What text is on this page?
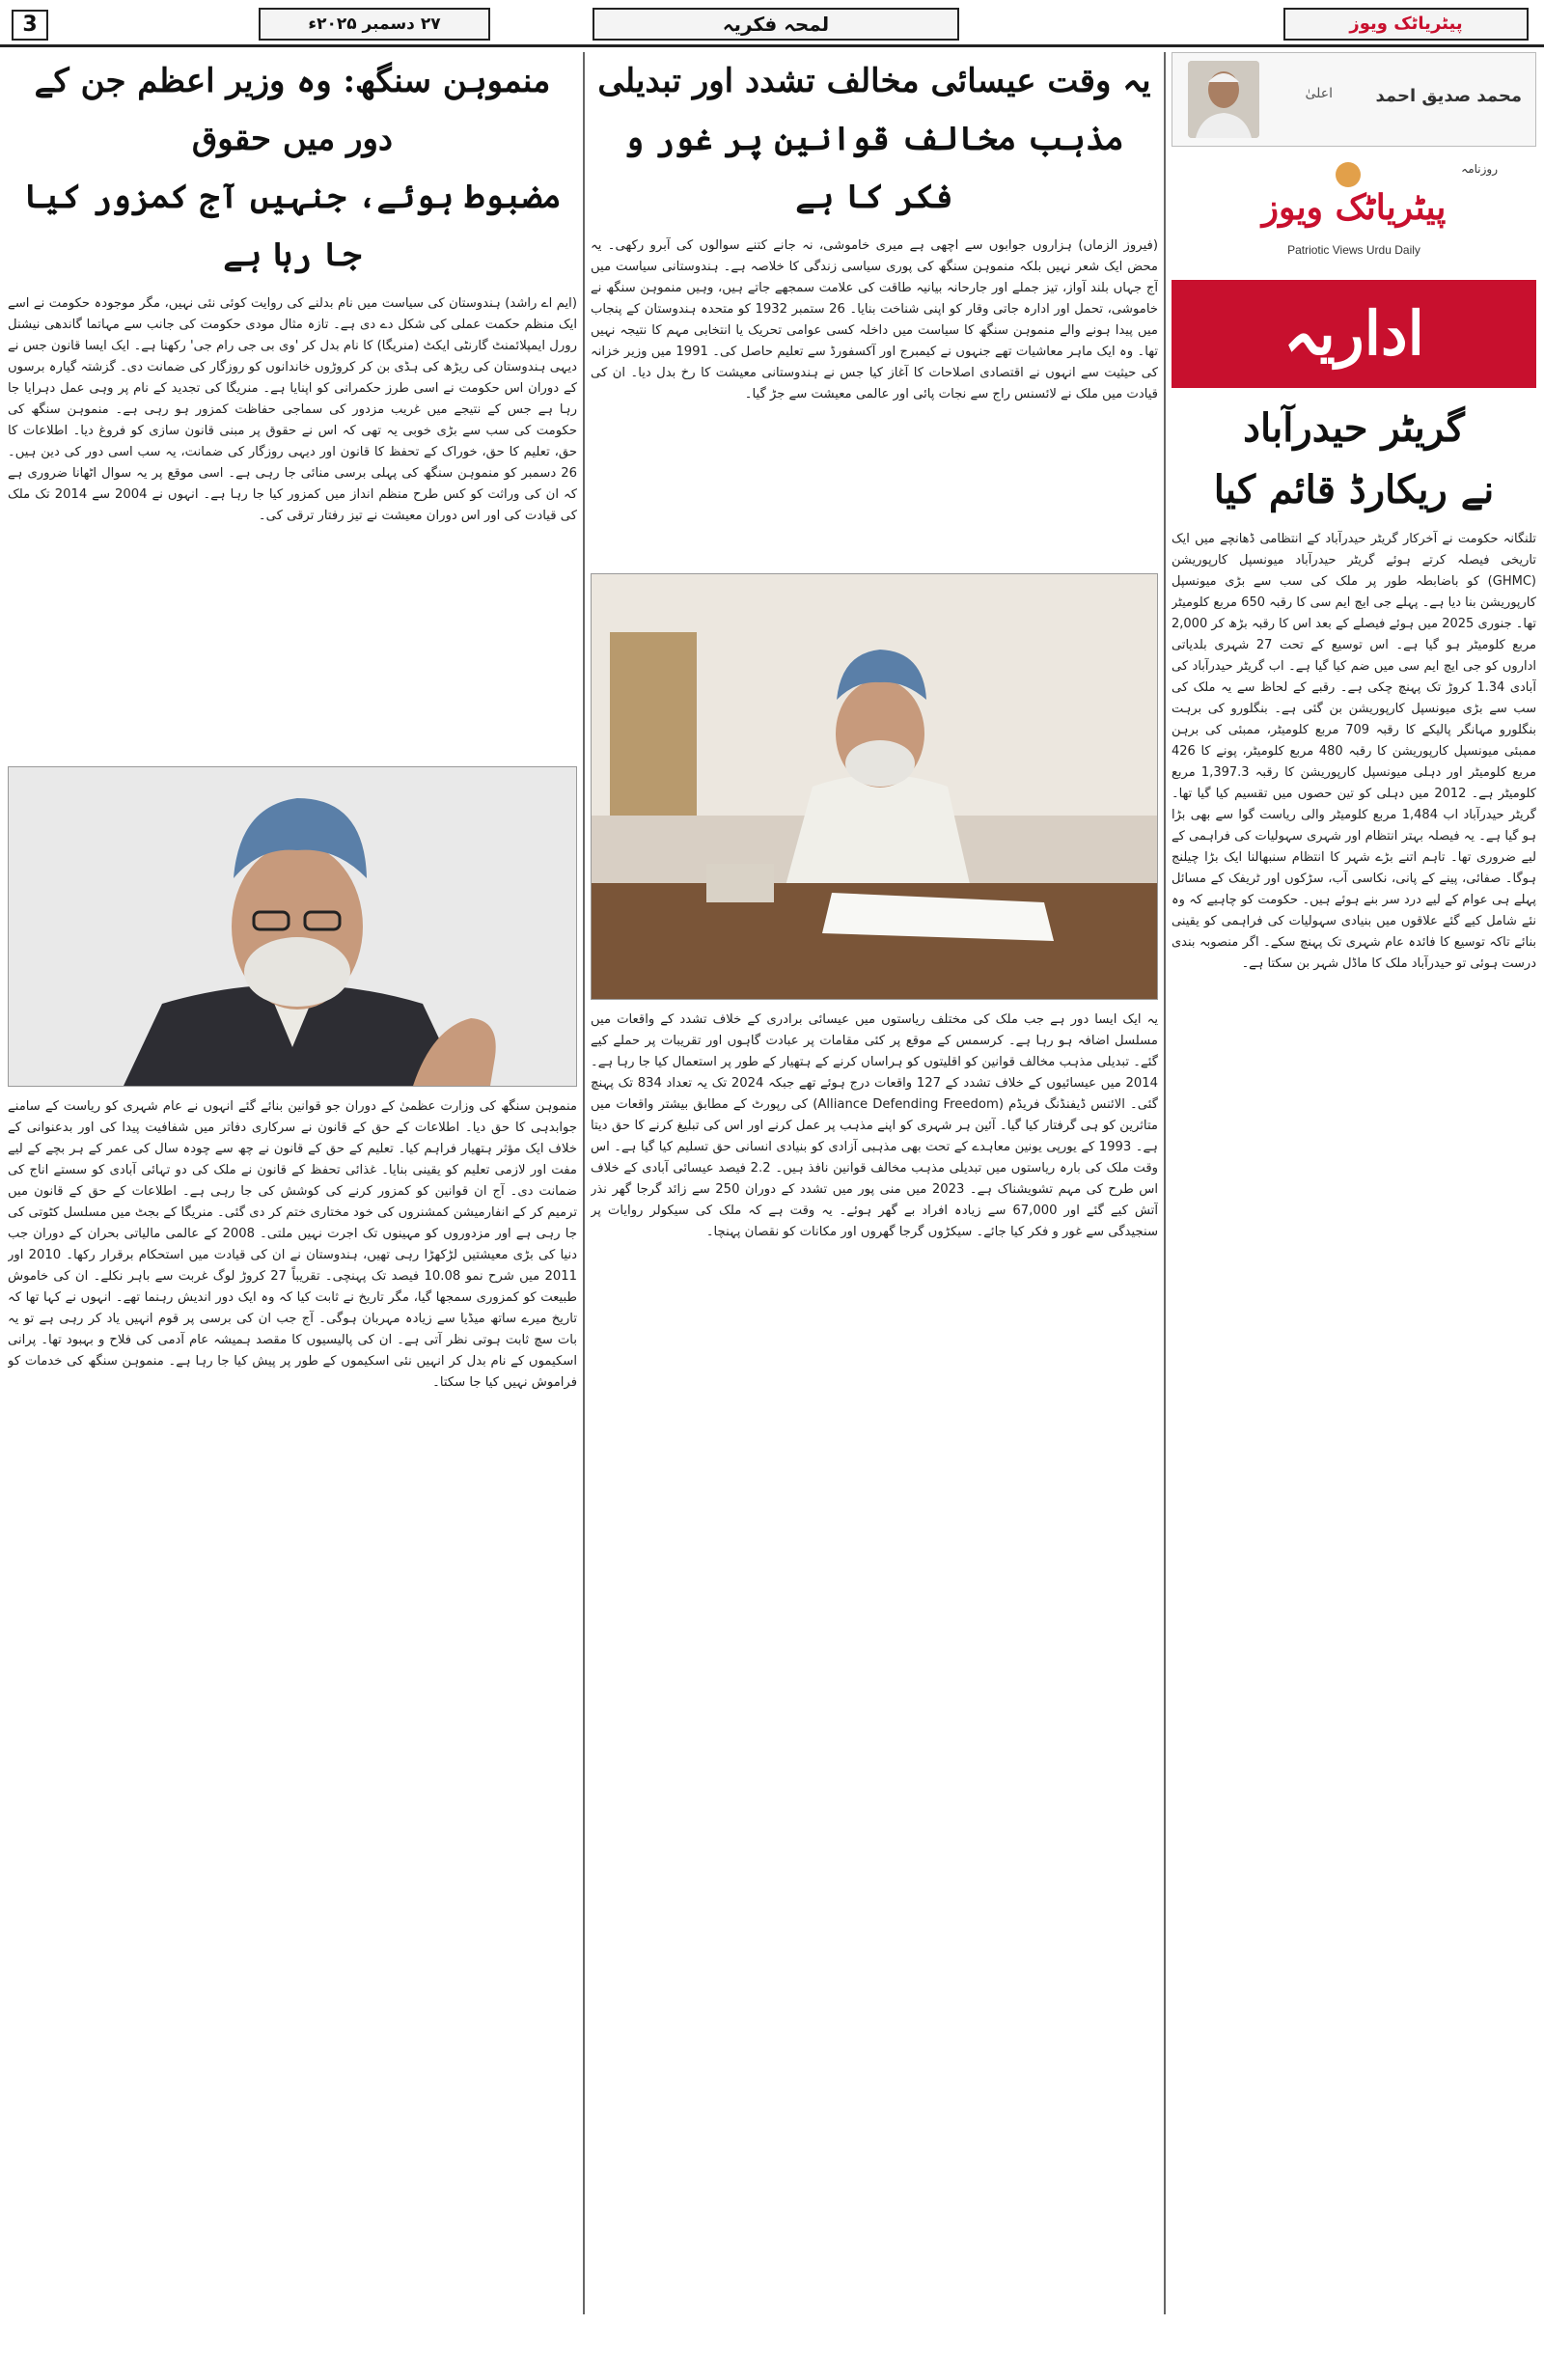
3	۲۷ دسمبر ۲۰۲۵ء	لمحہ فکریہ	پیٹریاٹک ویوز
منموہن سنگھ: وہ وزیر اعظم جن کے دور میں حقوق
مضبوط ہوئے، جنہیں آج کمزور کیا جا رہا ہے
(ایم اے راشد) ہندوستان کی سیاست میں نام بدلنے کی روایت کوئی نئی نہیں، مگر موجودہ حکومت نے اسے ایک منظم حکمت عملی کی شکل دے دی ہے۔ تازہ مثال مودی حکومت کی جانب سے مہاتما گاندھی نیشنل رورل ایمپلائمنٹ گارنٹی ایکٹ (منریگا) کا نام بدل کر 'وی بی جی رام جی' رکھنا ہے۔ ایک ایسا قانون جس نے دیہی ہندوستان کی ریڑھ کی ہڈی بن کر کروڑوں خاندانوں کو روزگار کی ضمانت دی۔ گزشتہ گیارہ برسوں کے دوران اس حکومت نے اسی طرز حکمرانی کو اپنایا ہے۔ منریگا کی تجدید کے نام پر وہی عمل دہرایا جا رہا ہے جس کے نتیجے میں غریب مزدور کی سماجی حفاظت کمزور ہو رہی ہے۔ منموہن سنگھ کی حکومت کی سب سے بڑی خوبی یہ تھی کہ اس نے حقوق پر مبنی قانون سازی کو فروغ دیا۔ اطلاعات کا حق، تعلیم کا حق، خوراک کے تحفظ کا قانون اور دیہی روزگار کی ضمانت، یہ سب اسی دور کی دین ہیں۔ 26 دسمبر کو منموہن سنگھ کی پہلی برسی منائی جا رہی ہے۔ اسی موقع پر یہ سوال اٹھانا ضروری ہے کہ ان کی وراثت کو کس طرح منظم انداز میں کمزور کیا جا رہا ہے۔ انہوں نے 2004 سے 2014 تک ملک کی قیادت کی اور اس دوران معیشت نے تیز رفتار ترقی کی۔
منموہن سنگھ کی وزارت عظمیٰ کے دوران جو قوانین بنائے گئے انہوں نے عام شہری کو ریاست کے سامنے جوابدہی کا حق دیا۔ اطلاعات کے حق کے قانون نے سرکاری دفاتر میں شفافیت پیدا کی اور بدعنوانی کے خلاف ایک مؤثر ہتھیار فراہم کیا۔ تعلیم کے حق کے قانون نے چھ سے چودہ سال کی عمر کے ہر بچے کے لیے مفت اور لازمی تعلیم کو یقینی بنایا۔ غذائی تحفظ کے قانون نے ملک کی دو تہائی آبادی کو سستے اناج کی ضمانت دی۔ آج ان قوانین کو کمزور کرنے کی کوشش کی جا رہی ہے۔ اطلاعات کے حق کے قانون میں ترمیم کر کے انفارمیشن کمشنروں کی خود مختاری ختم کر دی گئی۔ منریگا کے بجٹ میں مسلسل کٹوتی کی جا رہی ہے اور مزدوروں کو مہینوں تک اجرت نہیں ملتی۔ 2008 کے عالمی مالیاتی بحران کے دوران جب دنیا کی بڑی معیشتیں لڑکھڑا رہی تھیں، ہندوستان نے ان کی قیادت میں استحکام برقرار رکھا۔ 2010 اور 2011 میں شرح نمو 10.08 فیصد تک پہنچی۔ تقریباً 27 کروڑ لوگ غربت سے باہر نکلے۔ ان کی خاموش طبیعت کو کمزوری سمجھا گیا، مگر تاریخ نے ثابت کیا کہ وہ ایک دور اندیش رہنما تھے۔ انہوں نے کہا تھا کہ تاریخ میرے ساتھ میڈیا سے زیادہ مہربان ہوگی۔ آج جب ان کی برسی پر قوم انہیں یاد کر رہی ہے تو یہ بات سچ ثابت ہوتی نظر آتی ہے۔ ان کی پالیسیوں کا مقصد ہمیشہ عام آدمی کی فلاح و بہبود تھا۔ پرانی اسکیموں کے نام بدل کر انہیں نئی اسکیموں کے طور پر پیش کیا جا رہا ہے۔ منموہن سنگھ کی خدمات کو فراموش نہیں کیا جا سکتا۔
یہ وقت عیسائی مخالف تشدد اور تبدیلی
مذہب مخالف قوانین پر غور و فکر کا ہے
(فیروز الزماں) ہزاروں جوابوں سے اچھی ہے میری خاموشی، نہ جانے کتنے سوالوں کی آبرو رکھی۔ یہ محض ایک شعر نہیں بلکہ منموہن سنگھ کی پوری سیاسی زندگی کا خلاصہ ہے۔ ہندوستانی سیاست میں آج جہاں بلند آواز، تیز جملے اور جارحانہ بیانیہ طاقت کی علامت سمجھے جاتے ہیں، وہیں منموہن سنگھ نے خاموشی، تحمل اور ادارہ جاتی وقار کو اپنی شناخت بنایا۔ 26 ستمبر 1932 کو متحدہ ہندوستان کے پنجاب میں پیدا ہونے والے منموہن سنگھ کا سیاست میں داخلہ کسی عوامی تحریک یا انتخابی مہم کا نتیجہ نہیں تھا۔ وہ ایک ماہر معاشیات تھے جنہوں نے کیمبرج اور آکسفورڈ سے تعلیم حاصل کی۔ 1991 میں وزیر خزانہ کی حیثیت سے انہوں نے اقتصادی اصلاحات کا آغاز کیا جس نے ہندوستانی معیشت کا رخ بدل دیا۔ ان کی قیادت میں ملک نے لائسنس راج سے نجات پائی اور عالمی معیشت سے جڑ گیا۔
یہ ایک ایسا دور ہے جب ملک کی مختلف ریاستوں میں عیسائی برادری کے خلاف تشدد کے واقعات میں مسلسل اضافہ ہو رہا ہے۔ کرسمس کے موقع پر کئی مقامات پر عبادت گاہوں اور تقریبات پر حملے کیے گئے۔ تبدیلی مذہب مخالف قوانین کو اقلیتوں کو ہراساں کرنے کے ہتھیار کے طور پر استعمال کیا جا رہا ہے۔ 2014 میں عیسائیوں کے خلاف تشدد کے 127 واقعات درج ہوئے تھے جبکہ 2024 تک یہ تعداد 834 تک پہنچ گئی۔ الائنس ڈیفنڈنگ فریڈم (Alliance Defending Freedom) کی رپورٹ کے مطابق بیشتر واقعات میں متاثرین کو ہی گرفتار کیا گیا۔ آئین ہر شہری کو اپنے مذہب پر عمل کرنے اور اس کی تبلیغ کرنے کا حق دیتا ہے۔ 1993 کے یورپی یونین معاہدے کے تحت بھی مذہبی آزادی کو بنیادی انسانی حق تسلیم کیا گیا ہے۔ اس وقت ملک کی بارہ ریاستوں میں تبدیلی مذہب مخالف قوانین نافذ ہیں۔ 2.2 فیصد عیسائی آبادی کے خلاف اس طرح کی مہم تشویشناک ہے۔ 2023 میں منی پور میں تشدد کے دوران 250 سے زائد گرجا گھر نذر آتش کیے گئے اور 67,000 سے زیادہ افراد بے گھر ہوئے۔ یہ وقت ہے کہ ملک کی سیکولر روایات پر سنجیدگی سے غور و فکر کیا جائے۔ سیکڑوں گرجا گھروں اور مکانات کو نقصان پہنچا۔
اعلیٰ محمد صدیق احمد
روزنامہ
پیٹریاٹک ویوز
Patriotic Views Urdu Daily
اداریہ
گریٹر حیدرآباد
نے ریکارڈ قائم کیا
تلنگانہ حکومت نے آخرکار گریٹر حیدرآباد کے انتظامی ڈھانچے میں ایک تاریخی فیصلہ کرتے ہوئے گریٹر حیدرآباد میونسپل کارپوریشن (GHMC) کو باضابطہ طور پر ملک کی سب سے بڑی میونسپل کارپوریشن بنا دیا ہے۔ پہلے جی ایچ ایم سی کا رقبہ 650 مربع کلومیٹر تھا۔ جنوری 2025 میں ہوئے فیصلے کے بعد اس کا رقبہ بڑھ کر 2,000 مربع کلومیٹر ہو گیا ہے۔ اس توسیع کے تحت 27 شہری بلدیاتی اداروں کو جی ایچ ایم سی میں ضم کیا گیا ہے۔ اب گریٹر حیدرآباد کی آبادی 1.34 کروڑ تک پہنچ چکی ہے۔ رقبے کے لحاظ سے یہ ملک کی سب سے بڑی میونسپل کارپوریشن بن گئی ہے۔ بنگلورو کی برہت بنگلورو مہانگر پالیکے کا رقبہ 709 مربع کلومیٹر، ممبئی کی برہن ممبئی میونسپل کارپوریشن کا رقبہ 480 مربع کلومیٹر، پونے کا 426 مربع کلومیٹر اور دہلی میونسپل کارپوریشن کا رقبہ 1,397.3 مربع کلومیٹر ہے۔ 2012 میں دہلی کو تین حصوں میں تقسیم کیا گیا تھا۔ گریٹر حیدرآباد اب 1,484 مربع کلومیٹر والی ریاست گوا سے بھی بڑا ہو گیا ہے۔ یہ فیصلہ بہتر انتظام اور شہری سہولیات کی فراہمی کے لیے ضروری تھا۔ تاہم اتنے بڑے شہر کا انتظام سنبھالنا ایک بڑا چیلنج ہوگا۔ صفائی، پینے کے پانی، نکاسی آب، سڑکوں اور ٹریفک کے مسائل پہلے ہی عوام کے لیے درد سر بنے ہوئے ہیں۔ حکومت کو چاہیے کہ وہ نئے شامل کیے گئے علاقوں میں بنیادی سہولیات کی فراہمی کو یقینی بنائے تاکہ توسیع کا فائدہ عام شہری تک پہنچ سکے۔ اگر منصوبہ بندی درست ہوئی تو حیدرآباد ملک کا ماڈل شہر بن سکتا ہے۔
